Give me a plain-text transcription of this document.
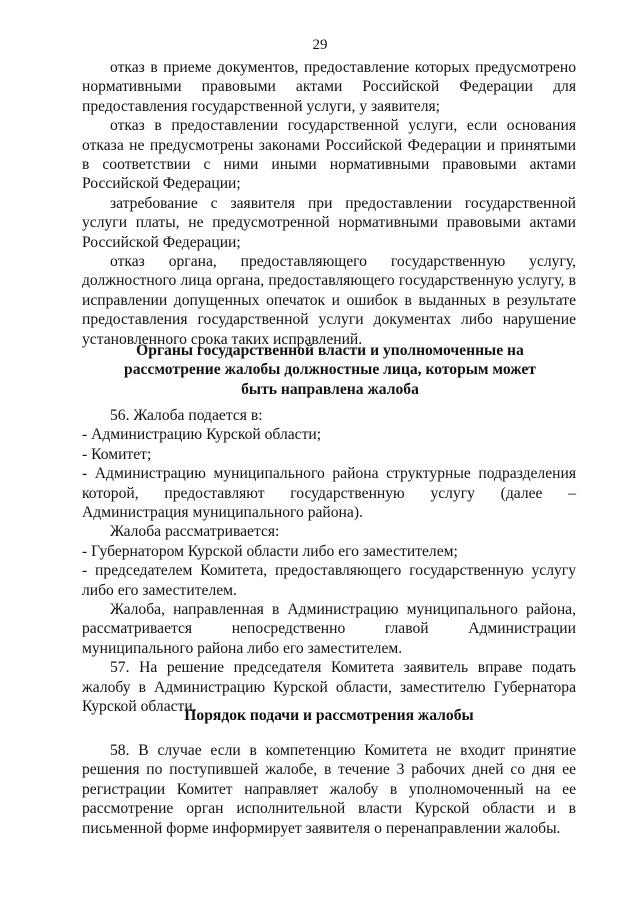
29

отказ в приеме документов, предоставление которых предусмотрено нормативными правовыми актами Российской Федерации для предоставления государственной услуги, у заявителя;

отказ в предоставлении государственной услуги, если основания отказа не предусмотрены законами Российской Федерации и принятыми в соответствии с ними иными нормативными правовыми актами Российской Федерации;

затребование с заявителя при предоставлении государственной услуги платы, не предусмотренной нормативными правовыми актами Российской Федерации;

отказ органа, предоставляющего государственную услугу, должностного лица органа, предоставляющего государственную услугу, в исправлении допущенных опечаток и ошибок в выданных в результате предоставления государственной услуги документах либо нарушение установленного срока таких исправлений.

Органы государственной власти и уполномоченные на рассмотрение жалобы должностные лица, которым может быть направлена жалоба

56. Жалоба подается в:

- Администрацию Курской области;

- Комитет;

- Администрацию муниципального района структурные подразделения которой, предоставляют государственную услугу (далее – Администрация муниципального района).

Жалоба рассматривается:

- Губернатором Курской области либо его заместителем;

- председателем Комитета, предоставляющего государственную услугу либо его заместителем.

Жалоба, направленная в Администрацию муниципального района, рассматривается непосредственно главой Администрации муниципального района либо его заместителем.

57. На решение председателя Комитета заявитель вправе подать жалобу в Администрацию Курской области, заместителю Губернатора Курской области.

Порядок подачи и рассмотрения жалобы

58. В случае если в компетенцию Комитета не входит принятие решения по поступившей жалобе, в течение 3 рабочих дней со дня ее регистрации Комитет направляет жалобу в уполномоченный на ее рассмотрение орган исполнительной власти Курской области и в письменной форме информирует заявителя о перенаправлении жалобы.
